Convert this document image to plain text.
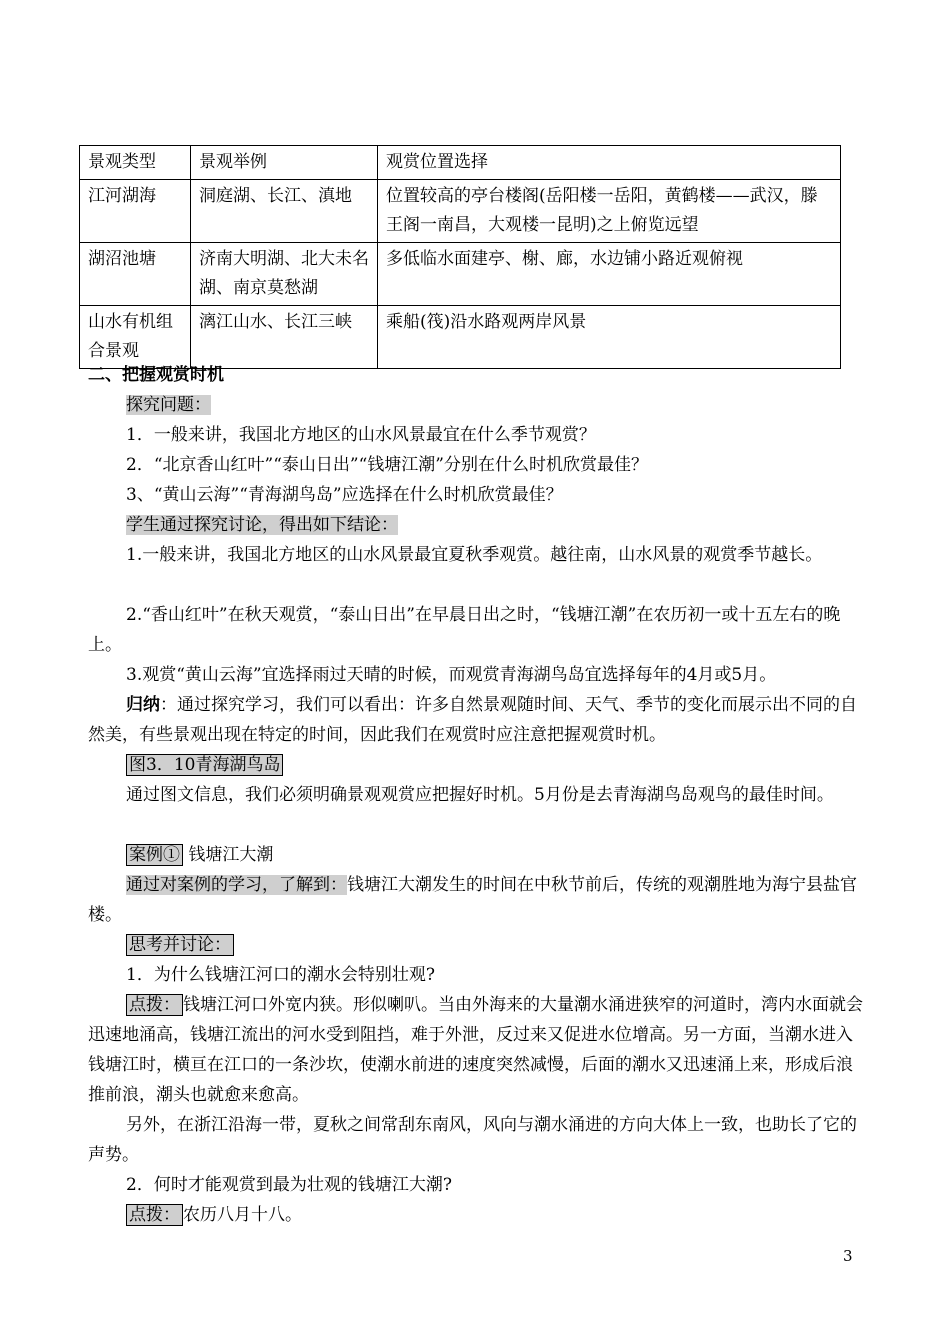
景观类型	景观举例	观赏位置选择
江河湖海	洞庭湖、长江、滇地	位置较高的亭台楼阁(岳阳楼一岳阳，黄鹤楼——武汉，滕王阁一南昌，大观楼一昆明)之上俯览远望
湖沼池塘	济南大明湖、北大未名湖、南京莫愁湖	多低临水面建亭、榭、廊，水边铺小路近观俯视
山水有机组合景观	漓江山水、长江三峡	乘船(筏)沿水路观两岸风景
二、把握观赏时机
探究问题：
1．一般来讲，我国北方地区的山水风景最宜在什么季节观赏？
2．“北京香山红叶”“泰山日出”“钱塘江潮”分别在什么时机欣赏最佳？
3、“黄山云海”“青海湖鸟岛”应选择在什么时机欣赏最佳？
学生通过探究讨论，得出如下结论：
1.一般来讲，我国北方地区的山水风景最宜夏秋季观赏。越往南，山水风景的观赏季节越长。
2.“香山红叶”在秋天观赏，“泰山日出”在早晨日出之时，“钱塘江潮”在农历初一或十五左右的晚上。
3.观赏“黄山云海”宜选择雨过天晴的时候，而观赏青海湖鸟岛宜选择每年的4月或5月。
归纳：通过探究学习，我们可以看出：许多自然景观随时间、天气、季节的变化而展示出不同的自然美，有些景观出现在特定的时间，因此我们在观赏时应注意把握观赏时机。
图3．10青海湖鸟岛
通过图文信息，我们必须明确景观观赏应把握好时机。5月份是去青海湖鸟岛观鸟的最佳时间。
案例① 钱塘江大潮
通过对案例的学习，了解到：钱塘江大潮发生的时间在中秋节前后，传统的观潮胜地为海宁县盐官楼。
思考并讨论：
1．为什么钱塘江河口的潮水会特别壮观?
点拨： 钱塘江河口外宽内狭。形似喇叭。当由外海来的大量潮水涌进狭窄的河道时，湾内水面就会迅速地涌高，钱塘江流出的河水受到阻挡，难于外泄，反过来又促进水位增高。另一方面，当潮水进入钱塘江时，横亘在江口的一条沙坎，使潮水前进的速度突然减慢，后面的潮水又迅速涌上来，形成后浪推前浪，潮头也就愈来愈高。
另外，在浙江沿海一带，夏秋之间常刮东南风，风向与潮水涌进的方向大体上一致，也助长了它的声势。
2．何时才能观赏到最为壮观的钱塘江大潮?
点拨： 农历八月十八。
3
